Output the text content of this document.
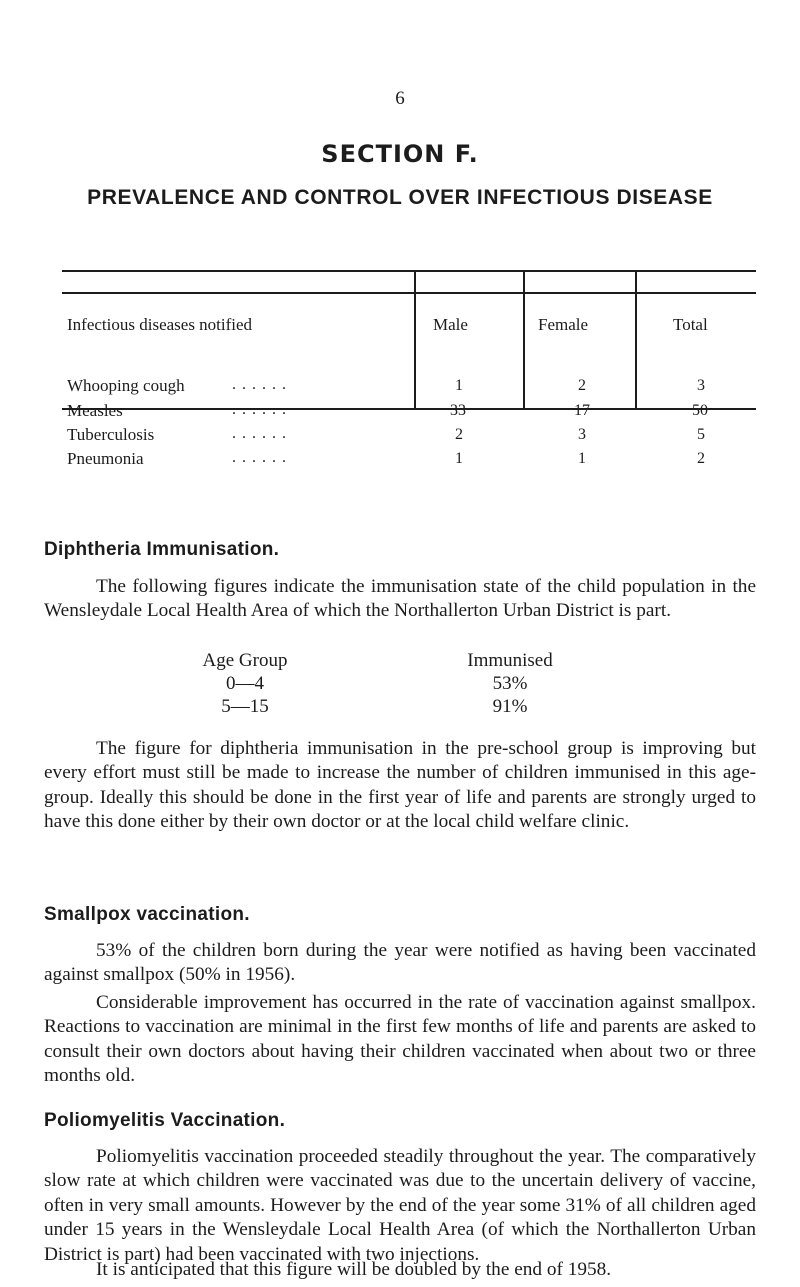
6
SECTION F.
PREVALENCE AND CONTROL OVER INFECTIOUS DISEASE
Infectious diseases notified	Male	Female	Total
Whooping cough	. . . . . .	1	2	3
Measles	. . . . . .	33	17	50
Tuberculosis	. . . . . .	2	3	5
Pneumonia	. . . . . .	1	1	2
Diphtheria Immunisation.

The following figures indicate the immunisation state of the child population in the Wensleydale Local Health Area of which the Northallerton Urban District is part.

Age Group	Immunised
0—4	53%
5—15	91%

The figure for diphtheria immunisation in the pre-school group is improving but every effort must still be made to increase the number of children immunised in this age-group. Ideally this should be done in the first year of life and parents are strongly urged to have this done either by their own doctor or at the local child welfare clinic.

Smallpox vaccination.

53% of the children born during the year were notified as having been vaccinated against smallpox (50% in 1956).

Considerable improvement has occurred in the rate of vaccination against smallpox. Reactions to vaccination are minimal in the first few months of life and parents are asked to consult their own doctors about having their children vaccinated when about two or three months old.

Poliomyelitis Vaccination.

Poliomyelitis vaccination proceeded steadily throughout the year. The comparatively slow rate at which children were vaccinated was due to the uncertain delivery of vaccine, often in very small amounts. However by the end of the year some 31% of all children aged under 15 years in the Wensleydale Local Health Area (of which the Northallerton Urban District is part) had been vaccinated with two injections.

It is anticipated that this figure will be doubled by the end of 1958.
